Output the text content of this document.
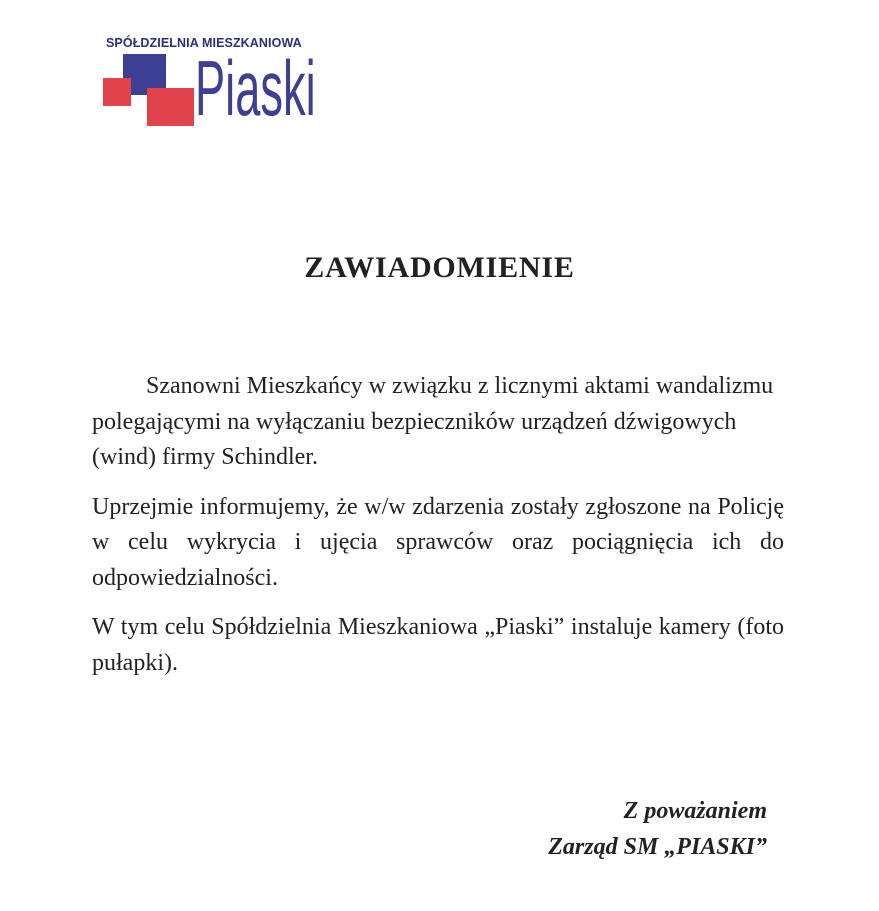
SPÓŁDZIELNIA MIESZKANIOWA
Piaski
ZAWIADOMIENIE

Szanowni Mieszkańcy w związku z licznymi aktami wandalizmu polegającymi na wyłączaniu bezpieczników urządzeń dźwigowych (wind) firmy Schindler.

Uprzejmie informujemy, że w/w zdarzenia zostały zgłoszone na Policję w celu wykrycia i ujęcia sprawców oraz pociągnięcia ich do odpowiedzialności.

W tym celu Spółdzielnia Mieszkaniowa „Piaski” instaluje kamery (foto pułapki).

Z poważaniem
Zarząd SM „PIASKI”
